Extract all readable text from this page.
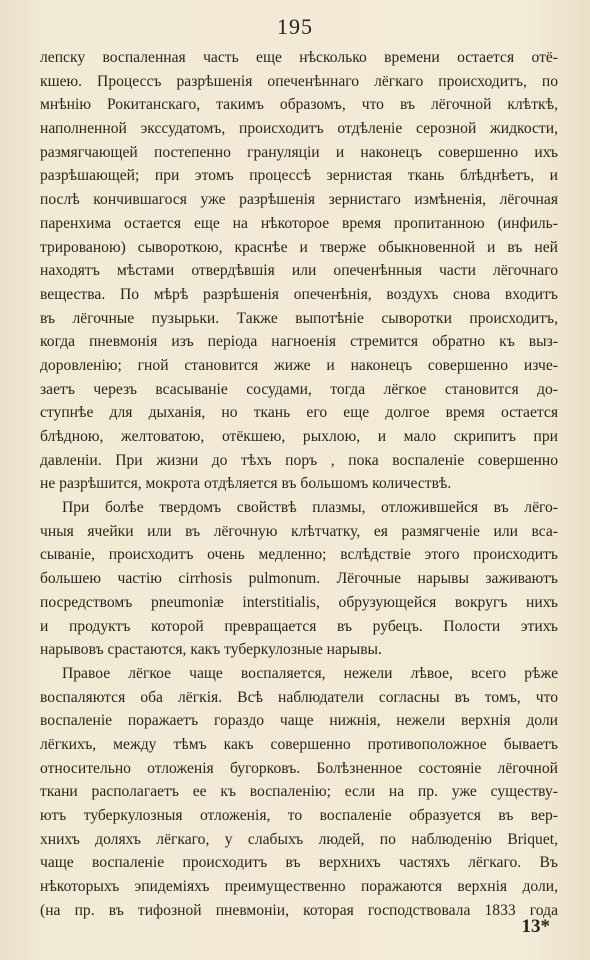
195
лепску воспаленная часть еще нѣсколько времени остается отё-
кшею. Процессъ разрѣшенія опеченѣннаго лёгкаго происходитъ, по
мнѣнію Рокитанскаго, такимъ образомъ, что въ лёгочной клѣткѣ,
наполненной экссудатомъ, происходитъ отдѣленіе серозной жидкости,
размягчающей постепенно грануляціи и наконецъ совершенно ихъ
разрѣшающей; при этомъ процессѣ зернистая ткань блѣднѣетъ, и
послѣ кончившагося уже разрѣшенія зернистаго измѣненія, лёгочная
паренхима остается еще на нѣкоторое время пропитанною (инфиль-
трированою) сывороткою, краснѣе и тверже обыкновенной и въ ней
находятъ мѣстами отвердѣвшія или опеченѣнныя части лёгочнаго
вещества. По мѣрѣ разрѣшенія опеченѣнія, воздухъ снова входитъ
въ лёгочные пузырьки. Также выпотѣніе сыворотки происходитъ,
когда пневмонія изъ періода нагноенія стремится обратно къ выз-
доровленію; гной становится жиже и наконецъ совершенно изче-
заетъ черезъ всасываніе сосудами, тогда лёгкое становится до-
ступнѣе для дыханія, но ткань его еще долгое время остается
блѣдною, желтоватою, отёкшею, рыхлою, и мало скрипитъ при
давленіи. При жизни до тѣхъ поръ , пока воспаленіе совершенно
не разрѣшится, мокрота отдѣляется въ большомъ количествѣ.
При болѣе твердомъ свойствѣ плазмы, отложившейся въ лёго-
чныя ячейки или въ лёгочную клѣтчатку, ея размягченіе или вса-
сываніе, происходитъ очень медленно; вслѣдствіе этого происходитъ
большею частію cirrhosis pulmonum. Лёгочные нарывы заживаютъ
посредствомъ pneumoniæ interstitialis, обрузующейся вокругъ нихъ
и продуктъ которой превращается въ рубецъ. Полости этихъ
нарывовъ срастаются, какъ туберкулозные нарывы.
Правое лёгкое чаще воспаляется, нежели лѣвое, всего рѣже
воспаляются оба лёгкія. Всѣ наблюдатели согласны въ томъ, что
воспаленіе поражаетъ гораздо чаще нижнія, нежели верхнія доли
лёгкихъ, между тѣмъ какъ совершенно противоположное бываетъ
относительно отложенія бугорковъ. Болѣзненное состояніе лёгочной
ткани располагаетъ ее къ воспаленію; если на пр. уже существу-
ютъ туберкулозныя отложенія, то воспаленіе образуется въ вер-
хнихъ доляхъ лёгкаго, у слабыхъ людей, по наблюденію Briquet,
чаще воспаленіе происходитъ въ верхнихъ частяхъ лёгкаго. Въ
нѣкоторыхъ эпидеміяхъ преимущественно поражаются верхнія доли,
(на пр. въ тифозной пневмоніи, которая господствовала 1833 года
13*
